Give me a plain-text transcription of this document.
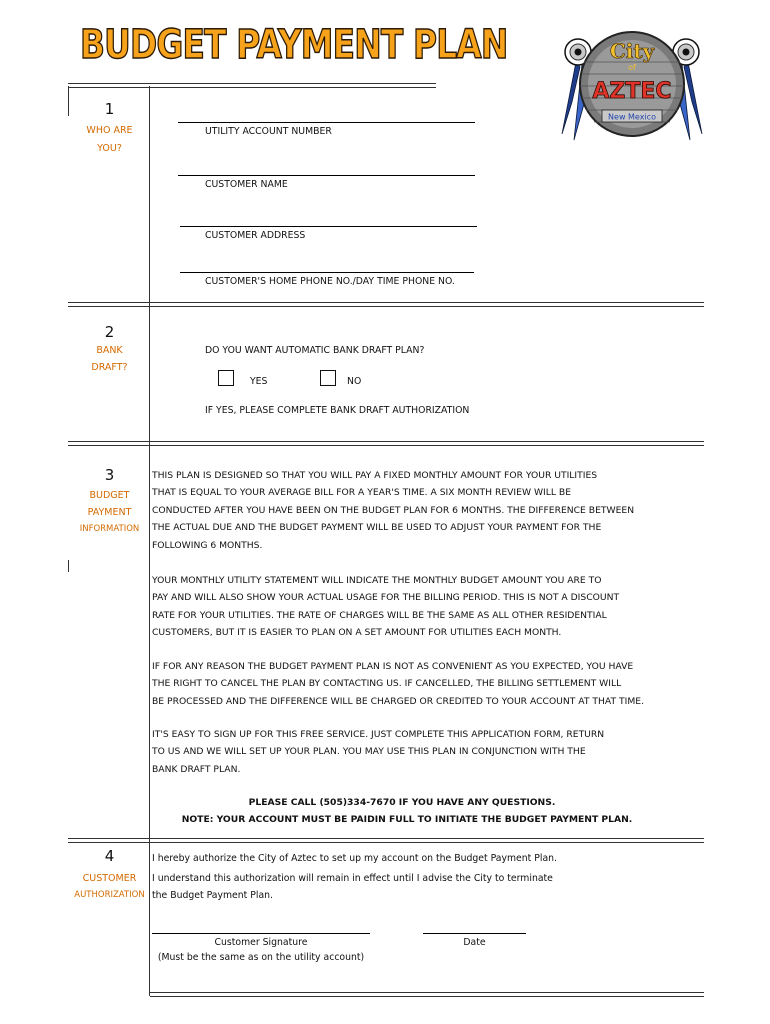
BUDGET PAYMENT PLAN	City
of
AZTEC
New Mexico
1
WHO ARE
YOU?
UTILITY ACCOUNT NUMBER
CUSTOMER NAME
CUSTOMER ADDRESS
CUSTOMER'S HOME PHONE NO./DAY TIME PHONE NO.
2
BANK
DRAFT?
DO YOU WANT AUTOMATIC BANK DRAFT PLAN?
YES	NO
IF YES, PLEASE COMPLETE BANK DRAFT AUTHORIZATION
3
BUDGET
PAYMENT
INFORMATION
THIS PLAN IS DESIGNED SO THAT YOU WILL PAY A FIXED MONTHLY AMOUNT FOR YOUR UTILITIES
THAT IS EQUAL TO YOUR AVERAGE BILL FOR A YEAR'S TIME. A SIX MONTH REVIEW WILL BE
CONDUCTED AFTER YOU HAVE BEEN ON THE BUDGET PLAN FOR 6 MONTHS. THE DIFFERENCE BETWEEN
THE ACTUAL DUE AND THE BUDGET PAYMENT WILL BE USED TO ADJUST YOUR PAYMENT FOR THE
FOLLOWING 6 MONTHS.
YOUR MONTHLY UTILITY STATEMENT WILL INDICATE THE MONTHLY BUDGET AMOUNT YOU ARE TO
PAY AND WILL ALSO SHOW YOUR ACTUAL USAGE FOR THE BILLING PERIOD. THIS IS NOT A DISCOUNT
RATE FOR YOUR UTILITIES. THE RATE OF CHARGES WILL BE THE SAME AS ALL OTHER RESIDENTIAL
CUSTOMERS, BUT IT IS EASIER TO PLAN ON A SET AMOUNT FOR UTILITIES EACH MONTH.
IF FOR ANY REASON THE BUDGET PAYMENT PLAN IS NOT AS CONVENIENT AS YOU EXPECTED, YOU HAVE
THE RIGHT TO CANCEL THE PLAN BY CONTACTING US. IF CANCELLED, THE BILLING SETTLEMENT WILL
BE PROCESSED AND THE DIFFERENCE WILL BE CHARGED OR CREDITED TO YOUR ACCOUNT AT THAT TIME.
IT'S EASY TO SIGN UP FOR THIS FREE SERVICE. JUST COMPLETE THIS APPLICATION FORM, RETURN
TO US AND WE WILL SET UP YOUR PLAN. YOU MAY USE THIS PLAN IN CONJUNCTION WITH THE
BANK DRAFT PLAN.
PLEASE CALL (505)334-7670 IF YOU HAVE ANY QUESTIONS.
NOTE: YOUR ACCOUNT MUST BE PAIDIN FULL TO INITIATE THE BUDGET PAYMENT PLAN.
4
CUSTOMER
AUTHORIZATION
I hereby authorize the City of Aztec to set up my account on the Budget Payment Plan.
I understand this authorization will remain in effect until I advise the City to terminate
the Budget Payment Plan.
Customer Signature
(Must be the same as on the utility account)
Date
